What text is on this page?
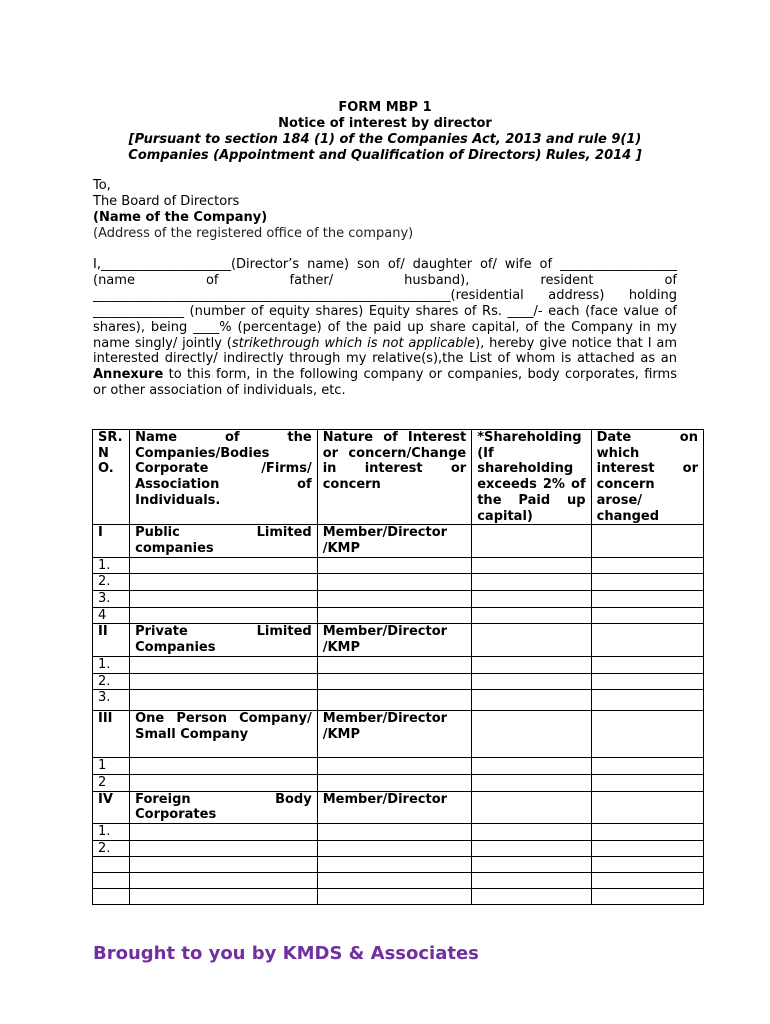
FORM MBP 1
Notice of interest by director
[Pursuant to section 184 (1) of the Companies Act, 2013 and rule 9(1)
Companies (Appointment and Qualification of Directors) Rules, 2014 ]
To,
The Board of Directors
(Name of the Company)
(Address of the registered office of the company)
I,____________________(Director’s name) son of/ daughter of/ wife of __________________ (name of father/ husband), resident of _______________________________________________________(residential address) holding ______________ (number of equity shares) Equity shares of Rs. ____/- each (face value of shares), being ____% (percentage) of the paid up share capital, of the Company in my name singly/ jointly (strikethrough which is not applicable), hereby give notice that I am interested directly/ indirectly through my relative(s),the List of whom is attached as an Annexure to this form, in the following company or companies, body corporates, firms or other association of individuals, etc.
SR. N O.	Name of the Companies/Bodies Corporate /Firms/ Association of Individuals.	Nature of Interest or concern/Change in interest or concern	*Shareholding (If shareholding exceeds 2% of the Paid up capital)	Date on which interest or concern arose/ changed
I	Public Limited companies	Member/Director /KMP		
1.				
2.				
3.				
4				
II	Private Limited Companies	Member/Director /KMP		
1.				
2.				
3.				
III	One Person Company/ Small Company	Member/Director /KMP		
1				
2				
IV	Foreign Body Corporates	Member/Director		
1.				
2.				

Brought to you by KMDS & Associates
